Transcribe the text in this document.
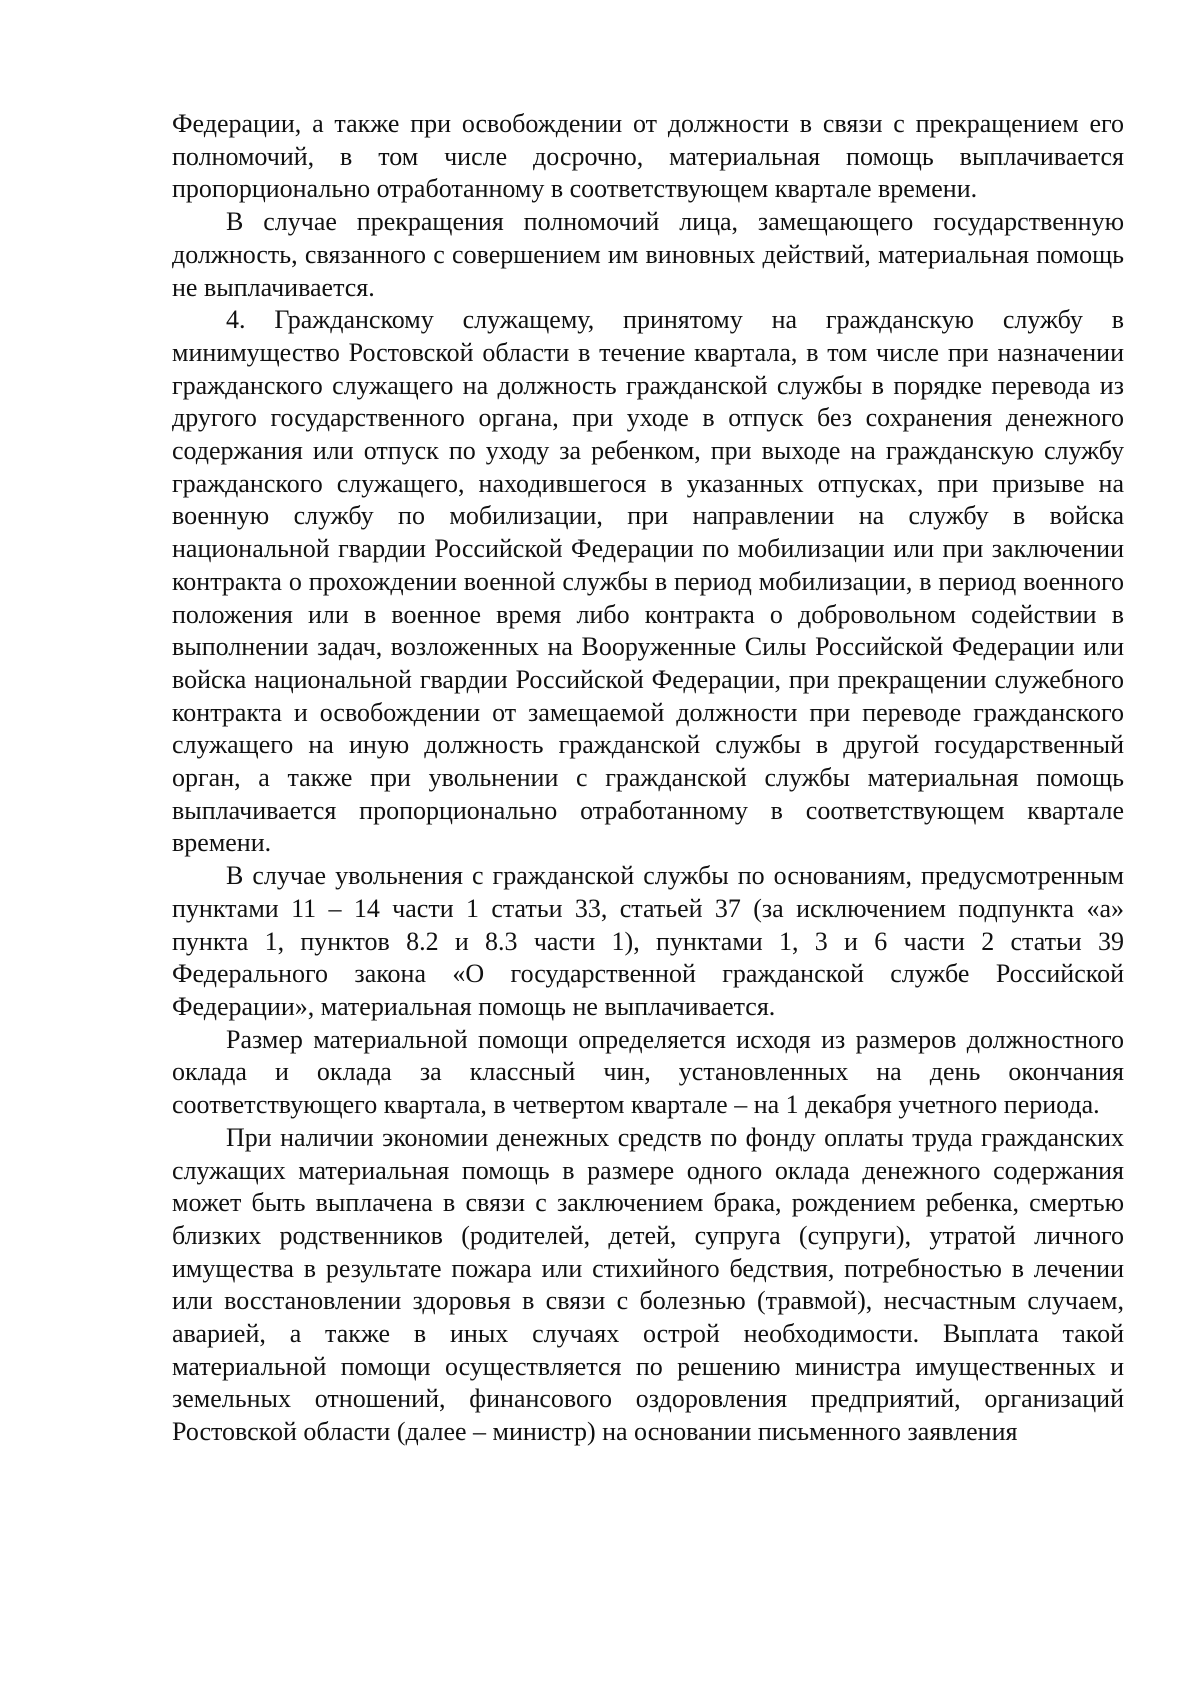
Федерации, а также при освобождении от должности в связи с прекращением его полномочий, в том числе досрочно, материальная помощь выплачивается пропорционально отработанному в соответствующем квартале времени.

В случае прекращения полномочий лица, замещающего государственную должность, связанного с совершением им виновных действий, материальная помощь не выплачивается.

4. Гражданскому служащему, принятому на гражданскую службу в минимущество Ростовской области в течение квартала, в том числе при назначении гражданского служащего на должность гражданской службы в порядке перевода из другого государственного органа, при уходе в отпуск без сохранения денежного содержания или отпуск по уходу за ребенком, при выходе на гражданскую службу гражданского служащего, находившегося в указанных отпусках, при призыве на военную службу по мобилизации, при направлении на службу в войска национальной гвардии Российской Федерации по мобилизации или при заключении контракта о прохождении военной службы в период мобилизации, в период военного положения или в военное время либо контракта о добровольном содействии в выполнении задач, возложенных на Вооруженные Силы Российской Федерации или войска национальной гвардии Российской Федерации, при прекращении служебного контракта и освобождении от замещаемой должности при переводе гражданского служащего на иную должность гражданской службы в другой государственный орган, а также при увольнении с гражданской службы материальная помощь выплачивается пропорционально отработанному в соответствующем квартале времени.

В случае увольнения с гражданской службы по основаниям, предусмотренным пунктами 11 – 14 части 1 статьи 33, статьей 37 (за исключением подпункта «а» пункта 1, пунктов 8.2 и 8.3 части 1), пунктами 1, 3 и 6 части 2 статьи 39 Федерального закона «О государственной гражданской службе Российской Федерации», материальная помощь не выплачивается.

Размер материальной помощи определяется исходя из размеров должностного оклада и оклада за классный чин, установленных на день окончания соответствующего квартала, в четвертом квартале – на 1 декабря учетного периода.

При наличии экономии денежных средств по фонду оплаты труда гражданских служащих материальная помощь в размере одного оклада денежного содержания может быть выплачена в связи с заключением брака, рождением ребенка, смертью близких родственников (родителей, детей, супруга (супруги), утратой личного имущества в результате пожара или стихийного бедствия, потребностью в лечении или восстановлении здоровья в связи с болезнью (травмой), несчастным случаем, аварией, а также в иных случаях острой необходимости. Выплата такой материальной помощи осуществляется по решению министра имущественных и земельных отношений, финансового оздоровления предприятий, организаций Ростовской области (далее – министр) на основании письменного заявления
